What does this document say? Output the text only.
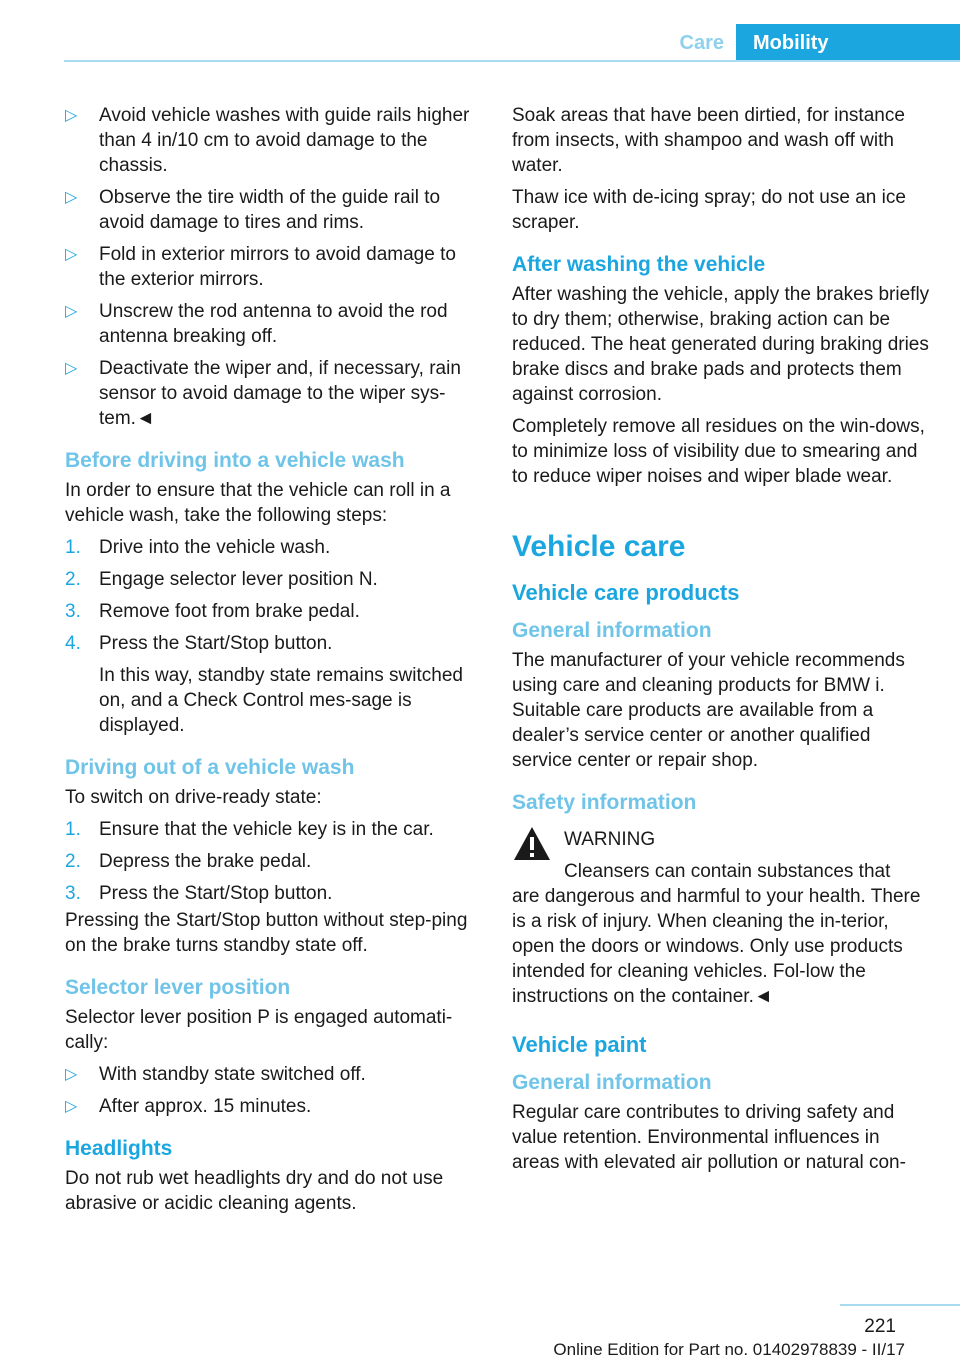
Care	Mobility
▷ Avoid vehicle washes with guide rails higher than 4 in/10 cm to avoid damage to the chassis.
▷ Observe the tire width of the guide rail to avoid damage to tires and rims.
▷ Fold in exterior mirrors to avoid damage to the exterior mirrors.
▷ Unscrew the rod antenna to avoid the rod antenna breaking off.
▷ Deactivate the wiper and, if necessary, rain sensor to avoid damage to the wiper sys-tem.◄
Before driving into a vehicle wash

In order to ensure that the vehicle can roll in a vehicle wash, take the following steps:

1. Drive into the vehicle wash.
2. Engage selector lever position N.
3. Remove foot from brake pedal.
4. Press the Start/Stop button.
In this way, standby state remains switched on, and a Check Control mes-sage is displayed.
Driving out of a vehicle wash

To switch on drive-ready state:

1. Ensure that the vehicle key is in the car.
2. Depress the brake pedal.
3. Press the Start/Stop button.

Pressing the Start/Stop button without step-ping on the brake turns standby state off.

Selector lever position

Selector lever position P is engaged automati-cally:

▷ With standby state switched off.
▷ After approx. 15 minutes.
Headlights

Do not rub wet headlights dry and do not use abrasive or acidic cleaning agents.

Soak areas that have been dirtied, for instance from insects, with shampoo and wash off with water.

Thaw ice with de-icing spray; do not use an ice scraper.

After washing the vehicle

After washing the vehicle, apply the brakes briefly to dry them; otherwise, braking action can be reduced. The heat generated during braking dries brake discs and brake pads and protects them against corrosion.

Completely remove all residues on the win-dows, to minimize loss of visibility due to smearing and to reduce wiper noises and wiper blade wear.

Vehicle care
Vehicle care products
General information

The manufacturer of your vehicle recommends using care and cleaning products for BMW i. Suitable care products are available from a dealer’s service center or another qualified service center or repair shop.

Safety information
WARNING
Cleansers can contain substances that

are dangerous and harmful to your health. There is a risk of injury. When cleaning the in-terior, open the doors or windows. Only use products intended for cleaning vehicles. Fol-low the instructions on the container.◄

Vehicle paint
General information

Regular care contributes to driving safety and value retention. Environmental influences in areas with elevated air pollution or natural con-

221
Online Edition for Part no. 01402978839 - II/17
